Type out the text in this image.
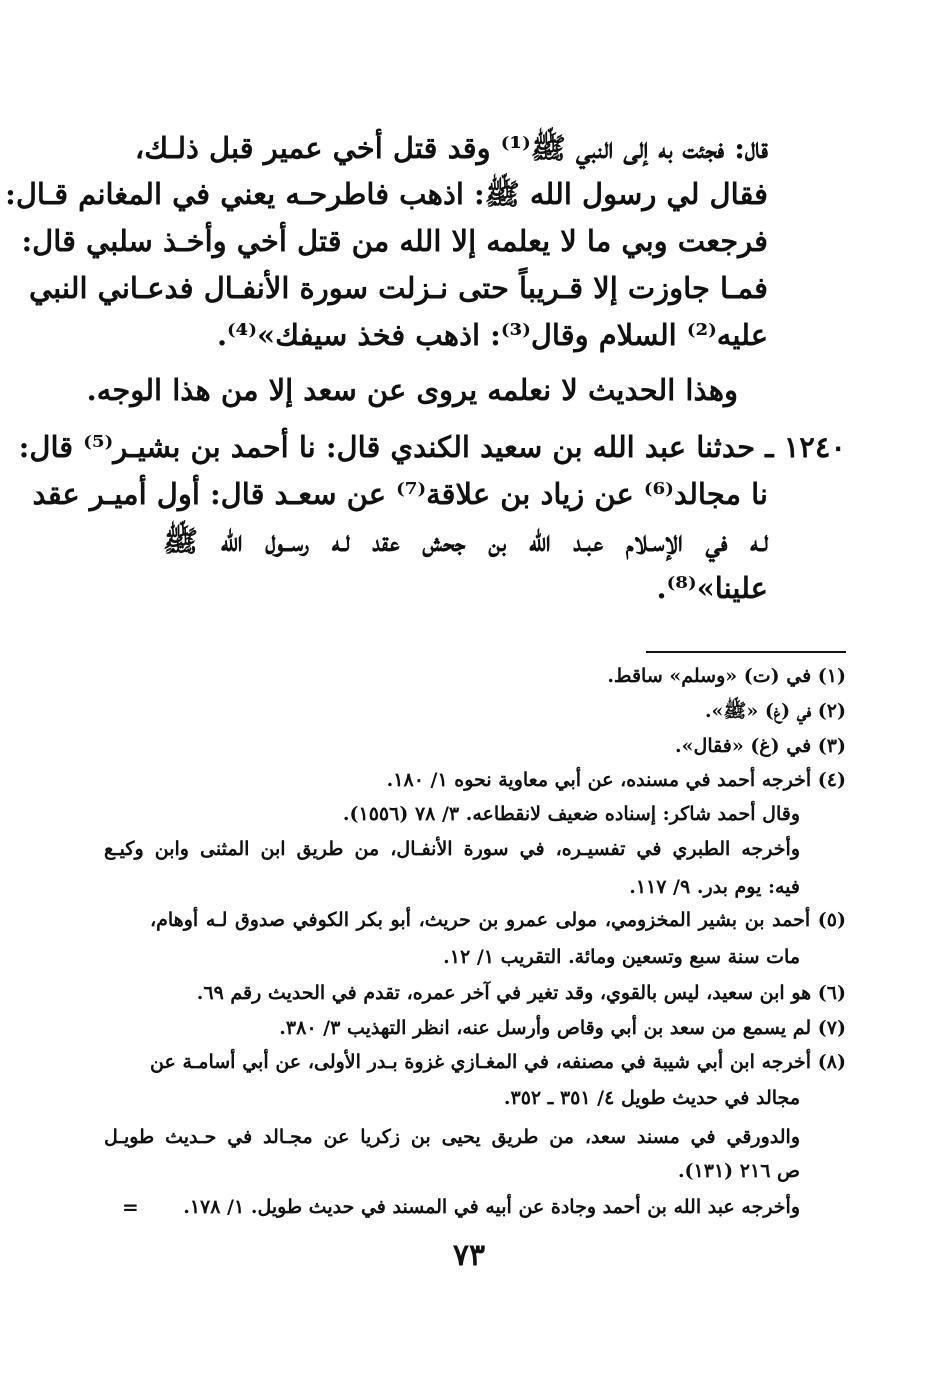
قال: فجئت به إلى النبي ﷺ⁽¹⁾ وقد قتل أخي عمير قبل ذلـك،
فقال لي رسول الله ﷺ: اذهب فاطرحـه يعني في المغانم قـال:
فرجعت وبي ما لا يعلمه إلا الله من قتل أخي وأخـذ سلبي قال:
فمـا جاوزت إلا قـريباً حتى نـزلت سورة الأنفـال فدعـاني النبي
عليه⁽²⁾ السلام وقال⁽³⁾: اذهب فخذ سيفك»⁽⁴⁾.
وهذا الحديث لا نعلمه يروى عن سعد إلا من هذا الوجه.
١٢٤٠ ـ حدثنا عبد الله بن سعيد الكندي قال: نا أحمد بن بشيـر⁽⁵⁾ قال:
نا مجالد⁽⁶⁾ عن زياد بن علاقة⁽⁷⁾ عن سعـد قال: أول أميـر عقد
لـه في الإسـلام عبـد الله بن جحش عقد لـه رســول الله ﷺ
علينا»⁽⁸⁾.
(١) في (ت) «وسلم» ساقط.
(٢) في (غ) «ﷺ».
(٣) في (غ) «فقال».
(٤) أخرجه أحمد في مسنده، عن أبي معاوية نحوه ١/ ١٨٠.
وقال أحمد شاكر: إسناده ضعيف لانقطاعه. ٣/ ٧٨ (١٥٥٦).
وأخرجه الطبري في تفسيـره، في سورة الأنفـال، من طريق ابن المثنى وابن وكيـع
فيه: يوم بدر. ٩/ ١١٧.
(٥) أحمد بن بشير المخزومي، مولى عمرو بن حريث، أبو بكر الكوفي صدوق لـه أوهام،
مات سنة سبع وتسعين ومائة. التقريب ١/ ١٢.
(٦) هو ابن سعيد، ليس بالقوي، وقد تغير في آخر عمره، تقدم في الحديث رقم ٦٩.
(٧) لم يسمع من سعد بن أبي وقاص وأرسل عنه، انظر التهذيب ٣/ ٣٨٠.
(٨) أخرجه ابن أبي شيبة في مصنفه، في المغـازي غزوة بـدر الأولى، عن أبي أسامـة عن
مجالد في حديث طويل ٤/ ٣٥١ ـ ٣٥٢.
والدورقي في مسند سعد، من طريق يحيى بن زكريا عن مجـالد في حـديث طويـل
ص ٢١٦ (١٣١).
وأخرجه عبد الله بن أحمد وجادة عن أبيه في المسند في حديث طويل. ١/ ١٧٨.
=
٧٣
